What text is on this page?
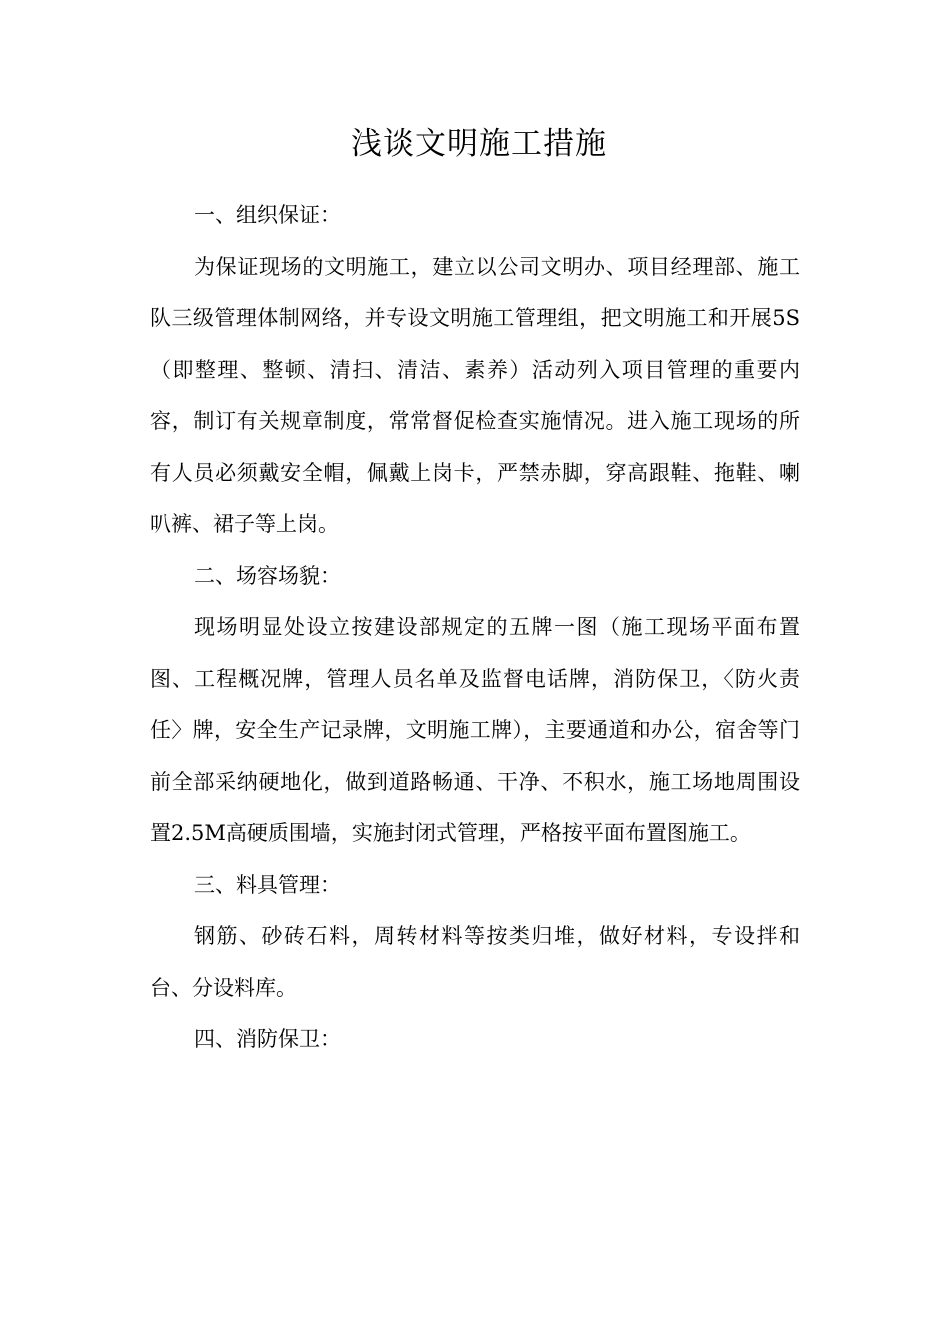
浅谈文明施工措施

一、组织保证：

为保证现场的文明施工，建立以公司文明办、项目经理部、施工队三级管理体制网络，并专设文明施工管理组，把文明施工和开展5S（即整理、整顿、清扫、清洁、素养）活动列入项目管理的重要内容，制订有关规章制度，常常督促检查实施情况。进入施工现场的所有人员必须戴安全帽，佩戴上岗卡，严禁赤脚，穿高跟鞋、拖鞋、喇叭裤、裙子等上岗。

二、场容场貌：

现场明显处设立按建设部规定的五牌一图（施工现场平面布置图、工程概况牌，管理人员名单及监督电话牌，消防保卫，〈防火责任〉牌，安全生产记录牌，文明施工牌），主要通道和办公，宿舍等门前全部采纳硬地化，做到道路畅通、干净、不积水，施工场地周围设置2.5M高硬质围墙，实施封闭式管理，严格按平面布置图施工。

三、料具管理：

钢筋、砂砖石料，周转材料等按类归堆，做好材料，专设拌和台、分设料库。

四、消防保卫：
